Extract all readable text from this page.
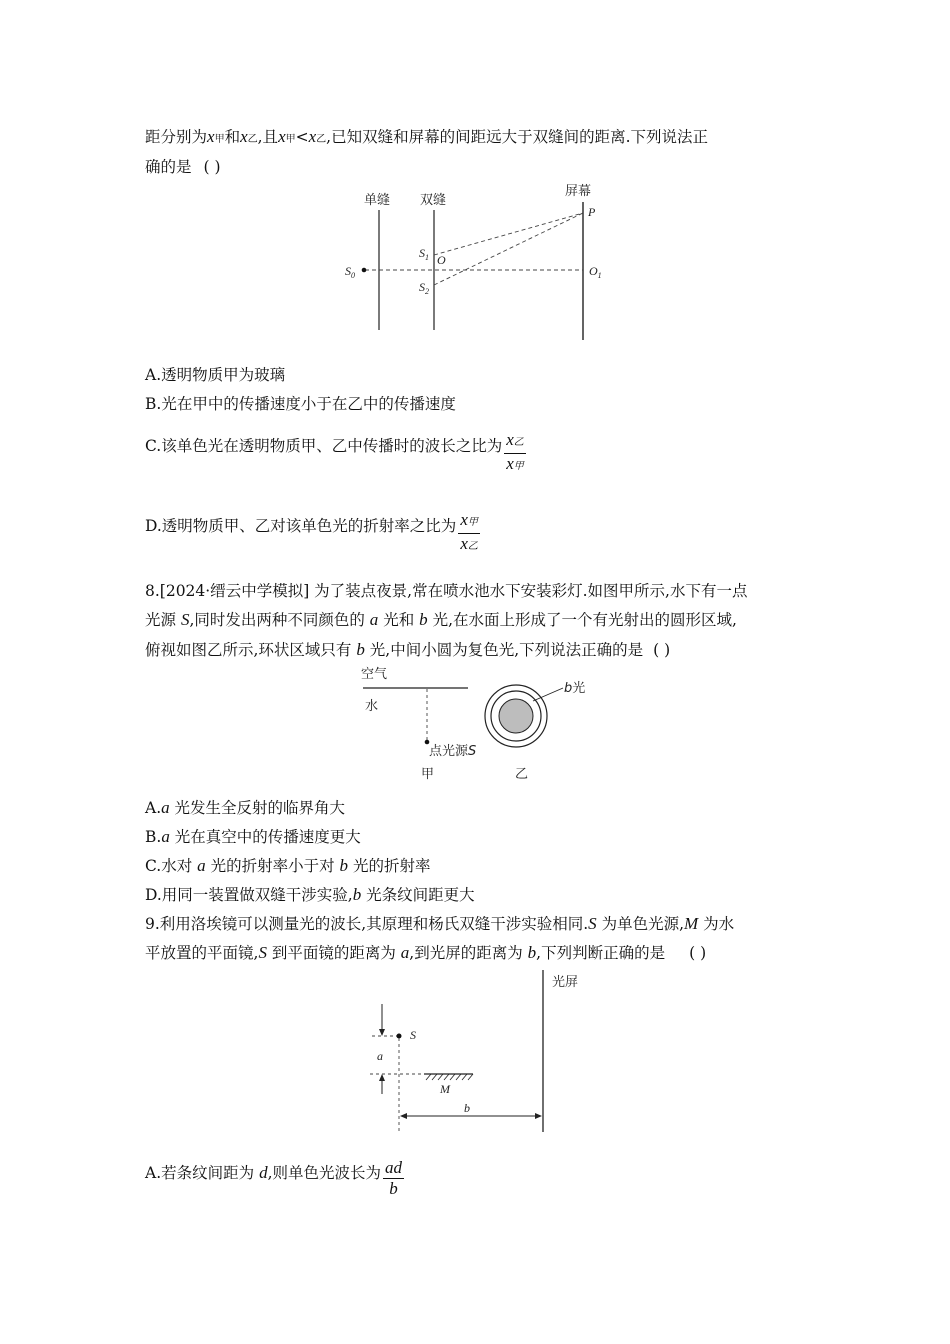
距分别为x甲和x乙,且x甲<x乙,已知双缝和屏幕的间距远大于双缝间的距离.下列说法正
确的是 ( )
单缝 双缝
屏幕
$S_0$
$S_1$
$S_2$
O
P
$O_1$
A.透明物质甲为玻璃
B.光在甲中的传播速度小于在乙中的传播速度
C.该单色光在透明物质甲、乙中传播时的波长之比为 $\frac{\text{x乙}}{\text{x甲}}$
D.透明物质甲、乙对该单色光的折射率之比为 $\frac{\text{x甲}}{\text{x乙}}$
8.[2024·缙云中学模拟] 为了装点夜景,常在喷水池水下安装彩灯.如图甲所示,水下有一点
光源 S,同时发出两种不同颜色的 a 光和 b 光,在水面上形成了一个有光射出的圆形区域,
俯视如图乙所示,环状区域只有 b 光,中间小圆为复色光,下列说法正确的是 ( )
空气
水
点光源S
甲
b光
乙
A.a 光发生全反射的临界角大
B.a 光在真空中的传播速度更大
C.水对 a 光的折射率小于对 b 光的折射率
D.用同一装置做双缝干涉实验,b 光条纹间距更大
9.利用洛埃镜可以测量光的波长,其原理和杨氏双缝干涉实验相同.S 为单色光源,M 为水
平放置的平面镜,S 到平面镜的距离为 a,到光屏的距离为 b,下列判断正确的是 ( )
光屏
S
a
M
b
A.若条纹间距为 d,则单色光波长为 $\frac{ad}{b}$
